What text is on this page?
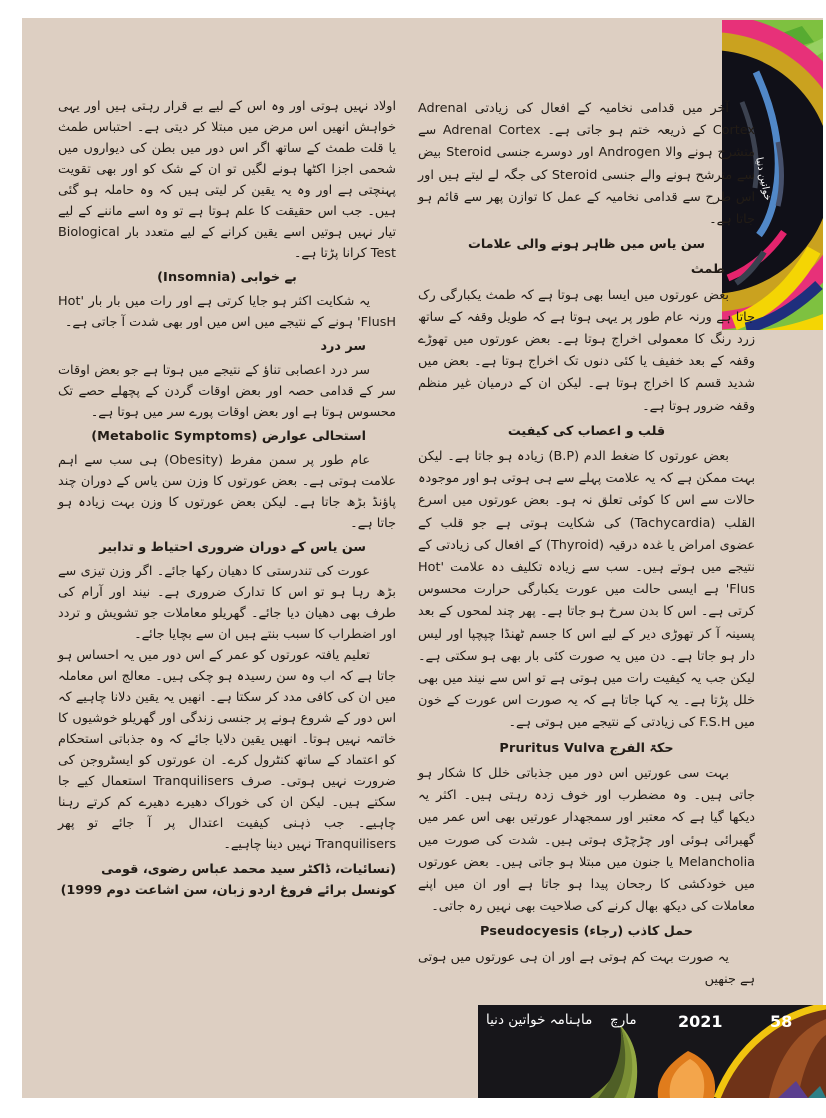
خواتین دنیا

آخر میں قدامی نخامیہ کے افعال کی زیادتی Adrenal Cortex کے ذریعہ ختم ہو جاتی ہے۔ Adrenal Cortex سے متشرح ہونے والا Androgen اور دوسرے جنسی Steroid بیض سے مترشح ہونے والے جنسی Steroid کی جگہ لے لیتے ہیں اور اس طرح سے قدامی نخامیہ کے عمل کا توازن پھر سے قائم ہو جاتا ہے۔

سن یاس میں ظاہر ہونے والی علامات
طمث

بعض عورتوں میں ایسا بھی ہوتا ہے کہ طمث یکبارگی رک جاتا ہے ورنہ عام طور پر یہی ہوتا ہے کہ طویل وقفہ کے ساتھ زرد رنگ کا معمولی اخراج ہوتا ہے۔ بعض عورتوں میں تھوڑے وقفہ کے بعد خفیف یا کئی دنوں تک اخراج ہوتا ہے۔ بعض میں شدید قسم کا اخراج ہوتا ہے۔ لیکن ان کے درمیان غیر منظم وقفہ ضرور ہوتا ہے۔

قلب و اعصاب کی کیفیت

بعض عورتوں کا ضغط الدم (B.P) زیادہ ہو جاتا ہے۔ لیکن بہت ممکن ہے کہ یہ علامت پہلے سے ہی ہوتی ہو اور موجودہ حالات سے اس کا کوئی تعلق نہ ہو۔ بعض عورتوں میں اسرع القلب (Tachycardia) کی شکایت ہوتی ہے جو قلب کے عضوی امراض یا غدہ درقیہ (Thyroid) کے افعال کی زیادتی کے نتیجے میں ہوتے ہیں۔ سب سے زیادہ تکلیف دہ علامت 'Hot Flus' ہے ایسی حالت میں عورت یکبارگی حرارت محسوس کرتی ہے۔ اس کا بدن سرخ ہو جاتا ہے۔ پھر چند لمحوں کے بعد پسینہ آ کر تھوڑی دیر کے لیے اس کا جسم ٹھنڈا چپچپا اور لیس دار ہو جاتا ہے۔ دن میں یہ صورت کئی بار بھی ہو سکتی ہے۔ لیکن جب یہ کیفیت رات میں ہوتی ہے تو اس سے نیند میں بھی خلل پڑتا ہے۔ یہ کہا جاتا ہے کہ یہ صورت اس عورت کے خون میں F.S.H کی زیادتی کے نتیجے میں ہوتی ہے۔

حکۃ الفرج Pruritus Vulva

بہت سی عورتیں اس دور میں جذباتی خلل کا شکار ہو جاتی ہیں۔ وہ مضطرب اور خوف زدہ رہتی ہیں۔ اکثر یہ دیکھا گیا ہے کہ معتبر اور سمجھدار عورتیں بھی اس عمر میں گھبرائی ہوئی اور چڑچڑی ہوتی ہیں۔ شدت کی صورت میں Melancholia یا جنون میں مبتلا ہو جاتی ہیں۔ بعض عورتوں میں خودکشی کا رجحان پیدا ہو جاتا ہے اور ان میں اپنے معاملات کی دیکھ بھال کرنے کی صلاحیت بھی نہیں رہ جاتی۔

حمل کاذب (رجاء) Pseudocyesis

یہ صورت بہت کم ہوتی ہے اور ان ہی عورتوں میں ہوتی ہے جنھیں

اولاد نہیں ہوتی اور وہ اس کے لیے بے قرار رہتی ہیں اور یہی خواہش انھیں اس مرض میں مبتلا کر دیتی ہے۔ احتباس طمث یا قلت طمث کے ساتھ اگر اس دور میں بطن کی دیواروں میں شحمی اجزا اکٹھا ہونے لگیں تو ان کے شک کو اور بھی تقویت پہنچتی ہے اور وہ یہ یقین کر لیتی ہیں کہ وہ حاملہ ہو گئی ہیں۔ جب اس حقیقت کا علم ہوتا ہے تو وہ اسے ماننے کے لیے تیار نہیں ہوتیں اسے یقین کرانے کے لیے متعدد بار Biological Test کرانا پڑتا ہے۔

بے خوابی (Insomnia)

یہ شکایت اکثر ہو جایا کرتی ہے اور رات میں بار بار 'Hot FlusH' ہونے کے نتیجے میں اس میں اور بھی شدت آ جاتی ہے۔

سر درد

سر درد اعصابی تناؤ کے نتیجے میں ہوتا ہے جو بعض اوقات سر کے قدامی حصہ اور بعض اوقات گردن کے پچھلے حصے تک محسوس ہوتا ہے اور بعض اوقات پورے سر میں ہوتا ہے۔

استحالی عوارض (Metabolic Symptoms)

عام طور پر سمن مفرط (Obesity) ہی سب سے اہم علامت ہوتی ہے۔ بعض عورتوں کا وزن سن یاس کے دوران چند پاؤنڈ بڑھ جاتا ہے۔ لیکن بعض عورتوں کا وزن بہت زیادہ ہو جاتا ہے۔

سن یاس کے دوران ضروری احتیاط و تدابیر

عورت کی تندرستی کا دھیان رکھا جائے۔ اگر وزن تیزی سے بڑھ رہا ہو تو اس کا تدارک ضروری ہے۔ نیند اور آرام کی طرف بھی دھیان دیا جائے۔ گھریلو معاملات جو تشویش و تردد اور اضطراب کا سبب بنتے ہیں ان سے بچایا جائے۔

تعلیم یافتہ عورتوں کو عمر کے اس دور میں یہ احساس ہو جاتا ہے کہ اب وہ سن رسیدہ ہو چکی ہیں۔ معالج اس معاملہ میں ان کی کافی مدد کر سکتا ہے۔ انھیں یہ یقین دلانا چاہیے کہ اس دور کے شروع ہونے پر جنسی زندگی اور گھریلو خوشیوں کا خاتمہ نہیں ہوتا۔ انھیں یقین دلایا جائے کہ وہ جذباتی استحکام کو اعتماد کے ساتھ کنٹرول کرے۔ ان عورتوں کو ایسٹروجن کی ضرورت نہیں ہوتی۔ صرف Tranquilisers استعمال کیے جا سکتے ہیں۔ لیکن ان کی خوراک دھیرے دھیرے کم کرتے رہنا چاہیے۔ جب ذہنی کیفیت اعتدال پر آ جائے تو پھر Tranquilisers نہیں دینا چاہیے۔

(نسائیات، ڈاکٹر سید محمد عباس رضوی، قومی کونسل برائے فروغ اردو زبان، سن اشاعت دوم 1999)
ماہنامہ خواتین دنیا مارچ	2021	58
